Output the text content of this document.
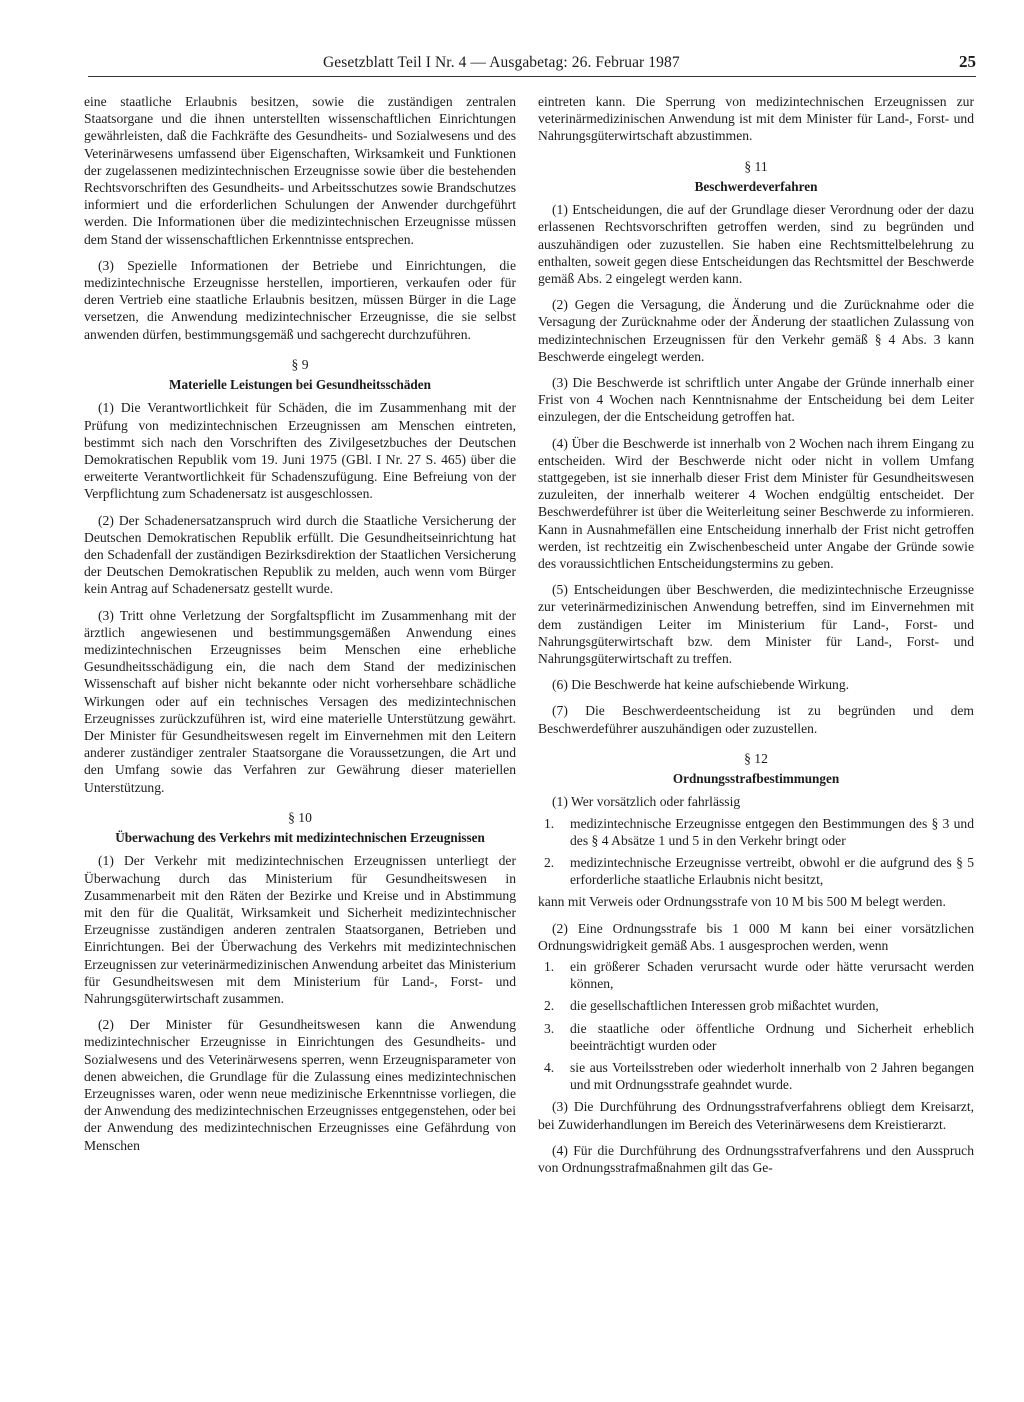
Gesetzblatt Teil I Nr. 4 — Ausgabetag: 26. Februar 1987	25

eine staatliche Erlaubnis besitzen, sowie die zuständigen zentralen Staatsorgane und die ihnen unterstellten wissenschaftlichen Einrichtungen gewährleisten, daß die Fachkräfte des Gesundheits- und Sozialwesens und des Veterinärwesens umfassend über Eigenschaften, Wirksamkeit und Funktionen der zugelassenen medizintechnischen Erzeugnisse sowie über die bestehenden Rechtsvorschriften des Gesundheits- und Arbeitsschutzes sowie Brandschutzes informiert und die erforderlichen Schulungen der Anwender durchgeführt werden. Die Informationen über die medizintechnischen Erzeugnisse müssen dem Stand der wissenschaftlichen Erkenntnisse entsprechen.

(3) Spezielle Informationen der Betriebe und Einrichtungen, die medizintechnische Erzeugnisse herstellen, importieren, verkaufen oder für deren Vertrieb eine staatliche Erlaubnis besitzen, müssen Bürger in die Lage versetzen, die Anwendung medizintechnischer Erzeugnisse, die sie selbst anwenden dürfen, bestimmungsgemäß und sachgerecht durchzuführen.

§ 9
Materielle Leistungen bei Gesundheitsschäden

(1) Die Verantwortlichkeit für Schäden, die im Zusammenhang mit der Prüfung von medizintechnischen Erzeugnissen am Menschen eintreten, bestimmt sich nach den Vorschriften des Zivilgesetzbuches der Deutschen Demokratischen Republik vom 19. Juni 1975 (GBl. I Nr. 27 S. 465) über die erweiterte Verantwortlichkeit für Schadenszufügung. Eine Befreiung von der Verpflichtung zum Schadenersatz ist ausgeschlossen.

(2) Der Schadenersatzanspruch wird durch die Staatliche Versicherung der Deutschen Demokratischen Republik erfüllt. Die Gesundheitseinrichtung hat den Schadenfall der zuständigen Bezirksdirektion der Staatlichen Versicherung der Deutschen Demokratischen Republik zu melden, auch wenn vom Bürger kein Antrag auf Schadenersatz gestellt wurde.

(3) Tritt ohne Verletzung der Sorgfaltspflicht im Zusammenhang mit der ärztlich angewiesenen und bestimmungsgemäßen Anwendung eines medizintechnischen Erzeugnisses beim Menschen eine erhebliche Gesundheitsschädigung ein, die nach dem Stand der medizinischen Wissenschaft auf bisher nicht bekannte oder nicht vorhersehbare schädliche Wirkungen oder auf ein technisches Versagen des medizintechnischen Erzeugnisses zurückzuführen ist, wird eine materielle Unterstützung gewährt. Der Minister für Gesundheitswesen regelt im Einvernehmen mit den Leitern anderer zuständiger zentraler Staatsorgane die Voraussetzungen, die Art und den Umfang sowie das Verfahren zur Gewährung dieser materiellen Unterstützung.

§ 10
Überwachung des Verkehrs mit medizintechnischen Erzeugnissen

(1) Der Verkehr mit medizintechnischen Erzeugnissen unterliegt der Überwachung durch das Ministerium für Gesundheitswesen in Zusammenarbeit mit den Räten der Bezirke und Kreise und in Abstimmung mit den für die Qualität, Wirksamkeit und Sicherheit medizintechnischer Erzeugnisse zuständigen anderen zentralen Staatsorganen, Betrieben und Einrichtungen. Bei der Überwachung des Verkehrs mit medizintechnischen Erzeugnissen zur veterinärmedizinischen Anwendung arbeitet das Ministerium für Gesundheitswesen mit dem Ministerium für Land-, Forst- und Nahrungsgüterwirtschaft zusammen.

(2) Der Minister für Gesundheitswesen kann die Anwendung medizintechnischer Erzeugnisse in Einrichtungen des Gesundheits- und Sozialwesens und des Veterinärwesens sperren, wenn Erzeugnisparameter von denen abweichen, die Grundlage für die Zulassung eines medizintechnischen Erzeugnisses waren, oder wenn neue medizinische Erkenntnisse vorliegen, die der Anwendung des medizintechnischen Erzeugnisses entgegenstehen, oder bei der Anwendung des medizintechnischen Erzeugnisses eine Gefährdung von Menschen

eintreten kann. Die Sperrung von medizintechnischen Erzeugnissen zur veterinärmedizinischen Anwendung ist mit dem Minister für Land-, Forst- und Nahrungsgüterwirtschaft abzustimmen.

§ 11
Beschwerdeverfahren

(1) Entscheidungen, die auf der Grundlage dieser Verordnung oder der dazu erlassenen Rechtsvorschriften getroffen werden, sind zu begründen und auszuhändigen oder zuzustellen. Sie haben eine Rechtsmittelbelehrung zu enthalten, soweit gegen diese Entscheidungen das Rechtsmittel der Beschwerde gemäß Abs. 2 eingelegt werden kann.

(2) Gegen die Versagung, die Änderung und die Zurücknahme oder die Versagung der Zurücknahme oder der Änderung der staatlichen Zulassung von medizintechnischen Erzeugnissen für den Verkehr gemäß § 4 Abs. 3 kann Beschwerde eingelegt werden.

(3) Die Beschwerde ist schriftlich unter Angabe der Gründe innerhalb einer Frist von 4 Wochen nach Kenntnisnahme der Entscheidung bei dem Leiter einzulegen, der die Entscheidung getroffen hat.

(4) Über die Beschwerde ist innerhalb von 2 Wochen nach ihrem Eingang zu entscheiden. Wird der Beschwerde nicht oder nicht in vollem Umfang stattgegeben, ist sie innerhalb dieser Frist dem Minister für Gesundheitswesen zuzuleiten, der innerhalb weiterer 4 Wochen endgültig entscheidet. Der Beschwerdeführer ist über die Weiterleitung seiner Beschwerde zu informieren. Kann in Ausnahmefällen eine Entscheidung innerhalb der Frist nicht getroffen werden, ist rechtzeitig ein Zwischenbescheid unter Angabe der Gründe sowie des voraussichtlichen Entscheidungstermins zu geben.

(5) Entscheidungen über Beschwerden, die medizintechnische Erzeugnisse zur veterinärmedizinischen Anwendung betreffen, sind im Einvernehmen mit dem zuständigen Leiter im Ministerium für Land-, Forst- und Nahrungsgüterwirtschaft bzw. dem Minister für Land-, Forst- und Nahrungsgüterwirtschaft zu treffen.

(6) Die Beschwerde hat keine aufschiebende Wirkung.

(7) Die Beschwerdeentscheidung ist zu begründen und dem Beschwerdeführer auszuhändigen oder zuzustellen.

§ 12
Ordnungsstrafbestimmungen

(1) Wer vorsätzlich oder fahrlässig

1.	medizintechnische Erzeugnisse entgegen den Bestimmungen des § 3 und des § 4 Absätze 1 und 5 in den Verkehr bringt oder
2.	medizintechnische Erzeugnisse vertreibt, obwohl er die aufgrund des § 5 erforderliche staatliche Erlaubnis nicht besitzt,

kann mit Verweis oder Ordnungsstrafe von 10 M bis 500 M belegt werden.

(2) Eine Ordnungsstrafe bis 1 000 M kann bei einer vorsätzlichen Ordnungswidrigkeit gemäß Abs. 1 ausgesprochen werden, wenn

1.	ein größerer Schaden verursacht wurde oder hätte verursacht werden können,
2.	die gesellschaftlichen Interessen grob mißachtet wurden,
3.	die staatliche oder öffentliche Ordnung und Sicherheit erheblich beeinträchtigt wurden oder
4.	sie aus Vorteilsstreben oder wiederholt innerhalb von 2 Jahren begangen und mit Ordnungsstrafe geahndet wurde.

(3) Die Durchführung des Ordnungsstrafverfahrens obliegt dem Kreisarzt, bei Zuwiderhandlungen im Bereich des Veterinärwesens dem Kreistierarzt.

(4) Für die Durchführung des Ordnungsstrafverfahrens und den Ausspruch von Ordnungsstrafmaßnahmen gilt das Ge-
